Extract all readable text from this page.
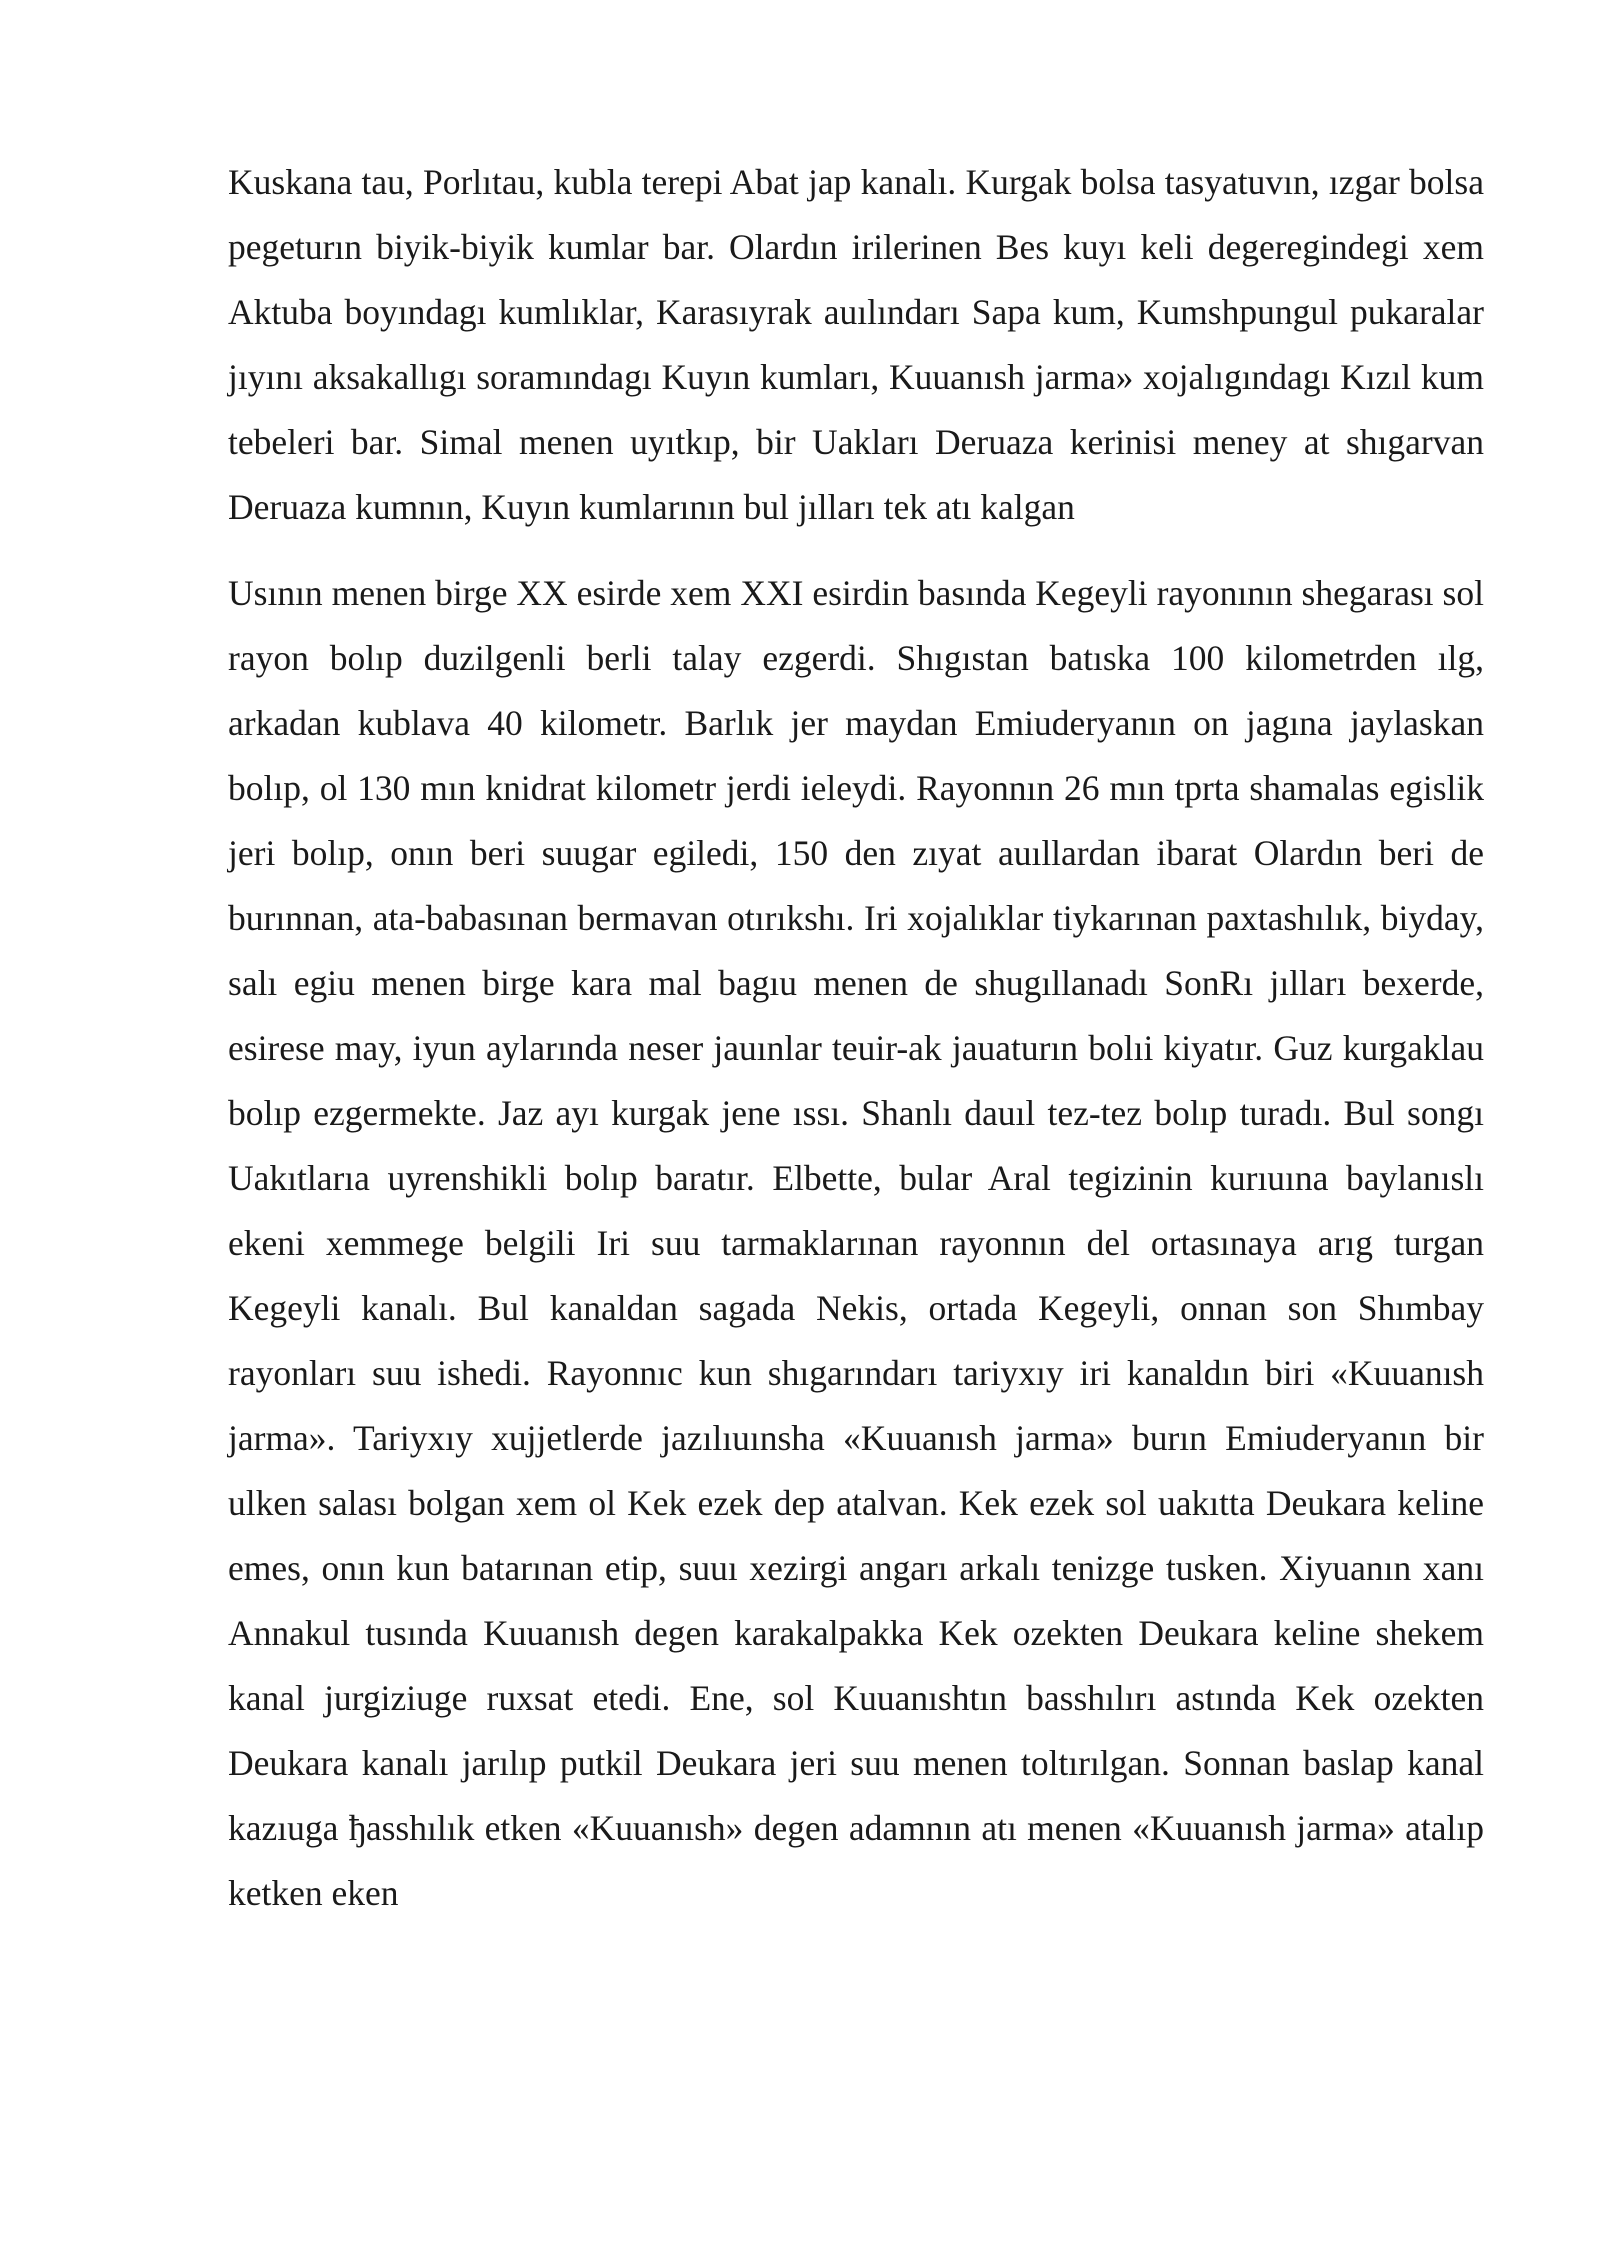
Kuskana tau, Porlıtau, kubla terepi Abat jap kanalı. Kurgak bolsa tasyatuvın, ızgar bolsa pegeturın biyik-biyik kumlar bar. Olardın irilerinen Bes kuyı keli degeregindegi xem Aktuba boyındagı kumlıklar, Karasıyrak auılındarı Sapa kum, Kumshpungul pukaralar jıyını aksakallıgı soramındagı Kuyın kumları, Kuuanısh jarma» xojalıgındagı Kızıl kum tebeleri bar. Simal menen uyıtkıp, bir Uakları Deruaza kerinisi meney at shıgarvan Deruaza kumnın, Kuyın kumlarının bul jılları tek atı kalgan

Usının menen birge XX esirde xem XXI esirdin basında Kegeyli rayonının shegarası sol rayon bolıp duzilgenli berli talay ezgerdi. Shıgıstan batıska 100 kilometrden ılg, arkadan kublava 40 kilometr. Barlık jer maydan Emiuderyanın on jagına jaylaskan bolıp, ol 130 mın knidrat kilometr jerdi ieleydi. Rayonnın 26 mın tprta shamalas egislik jeri bolıp, onın beri suugar egiledi, 150 den zıyat auıllardan ibarat Olardın beri de burınnan, ata-babasınan bermavan otırıkshı. Iri xojalıklar tiykarınan paxtashılık, biyday, salı egiu menen birge kara mal bagıu menen de shugıllanadı SonRı jılları bexerde, esirese may, iyun aylarında neser jauınlar teuir-ak jauaturın bolıi kiyatır. Guz kurgaklau bolıp ezgermekte. Jaz ayı kurgak jene ıssı. Shanlı dauıl tez-tez bolıp turadı. Bul songı Uakıtlarıa uyrenshikli bolıp baratır. Elbette, bular Aral tegizinin kurıuına baylanıslı ekeni xemmege belgili Iri suu tarmaklarınan rayonnın del ortasınaya arıg turgan Kegeyli kanalı. Bul kanaldan sagada Nekis, ortada Kegeyli, onnan son Shımbay rayonları suu ishedi. Rayonnıc kun shıgarındarı tariyxıy iri kanaldın biri «Kuuanısh jarma». Tariyxıy xujjetlerde jazılıuınsha «Kuuanısh jarma» burın Emiuderyanın bir ulken salası bolgan xem ol Kek ezek dep atalvan. Kek ezek sol uakıtta Deukara keline emes, onın kun batarınan etip, suuı xezirgi angarı arkalı tenizge tusken. Xiyuanın xanı Annakul tusında Kuuanısh degen karakalpakka Kek ozekten Deukara keline shekem kanal jurgiziuge ruxsat etedi. Ene, sol Kuuanıshtın basshılırı astında Kek ozekten Deukara kanalı jarılıp putkil Deukara jeri suu menen toltırılgan. Sonnan baslap kanal kazıuga ђasshılık etken «Kuuanısh» degen adamnın atı menen «Kuuanısh jarma» atalıp ketken eken
